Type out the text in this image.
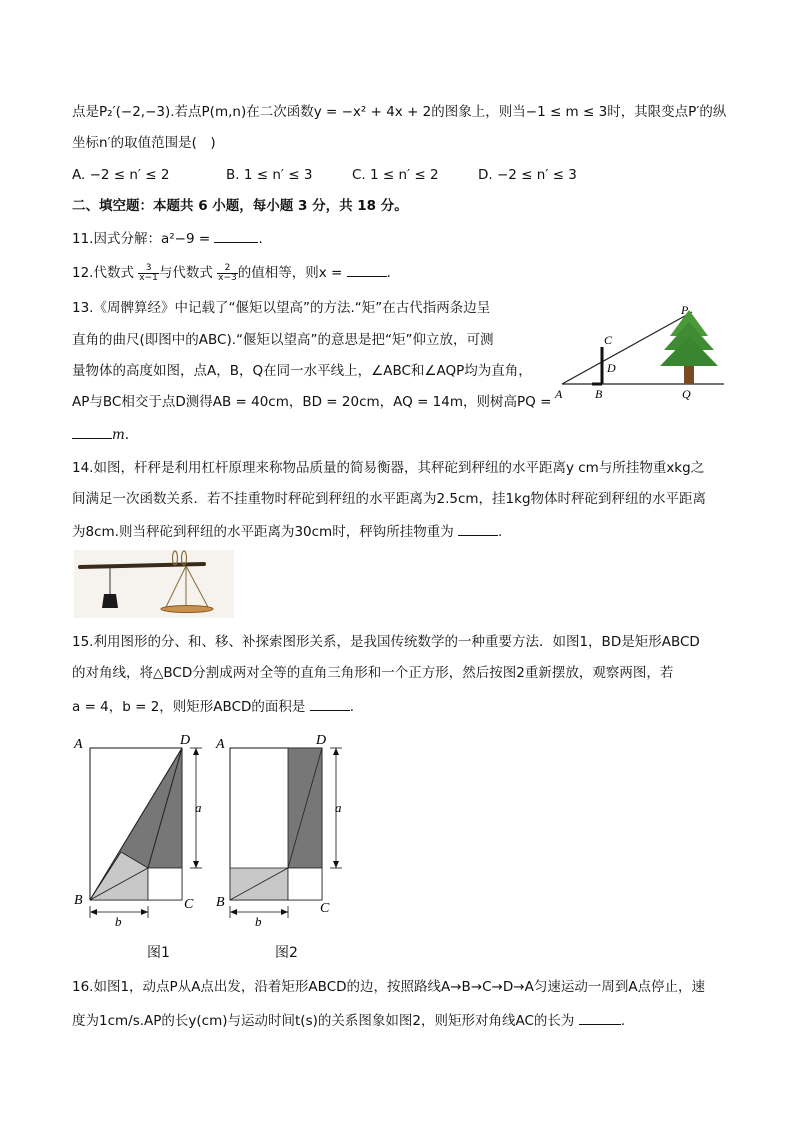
点是P₂′(−2,−3).若点P(m,n)在二次函数y = −x² + 4x + 2的图象上，则当−1 ≤ m ≤ 3时，其限变点P′的纵
坐标n′的取值范围是(　)
A. −2 ≤ n′ ≤ 2	B. 1 ≤ n′ ≤ 3	C. 1 ≤ n′ ≤ 2	D. −2 ≤ n′ ≤ 3
二、填空题：本题共 6 小题，每小题 3 分，共 18 分。
11.因式分解：a²−9 =	.
12.代数式 $\frac{3}{x-1}$ 与代数式 $\frac{2}{x-3}$ 的值相等，则x =	.
13.《周髀算经》中记载了“偃矩以望高”的方法.“矩”在古代指两条边呈
直角的曲尺(即图中的ABC).“偃矩以望高”的意思是把“矩”仰立放，可测
量物体的高度如图，点A，B，Q在同一水平线上，∠ABC和∠AQP均为直角，
AP与BC相交于点D测得AB = 40cm，BD = 20cm，AQ = 14m，则树高PQ =
m.
A	B
C
D
P
Q
14.如图，杆秤是利用杠杆原理来称物品质量的简易衡器，其秤砣到秤纽的水平距离y cm与所挂物重xkg之
间满足一次函数关系．若不挂重物时秤砣到秤纽的水平距离为2.5cm，挂1kg物体时秤砣到秤纽的水平距离
为8cm.则当秤砣到秤纽的水平距离为30cm时，秤钩所挂物重为	.
15.利用图形的分、和、移、补探索图形关系，是我国传统数学的一种重要方法．如图1，BD是矩形ABCD
的对角线，将△BCD分割成两对全等的直角三角形和一个正方形，然后按图2重新摆放，观察两图，若
a = 4，b = 2，则矩形ABCD的面积是	.
A	D
B	C
a
b
A	D
B	C
a
b
图1	图2
16.如图1，动点P从A点出发，沿着矩形ABCD的边，按照路线A→B→C→D→A匀速运动一周到A点停止，速
度为1cm/s.AP的长y(cm)与运动时间t(s)的关系图象如图2，则矩形对角线AC的长为	.
